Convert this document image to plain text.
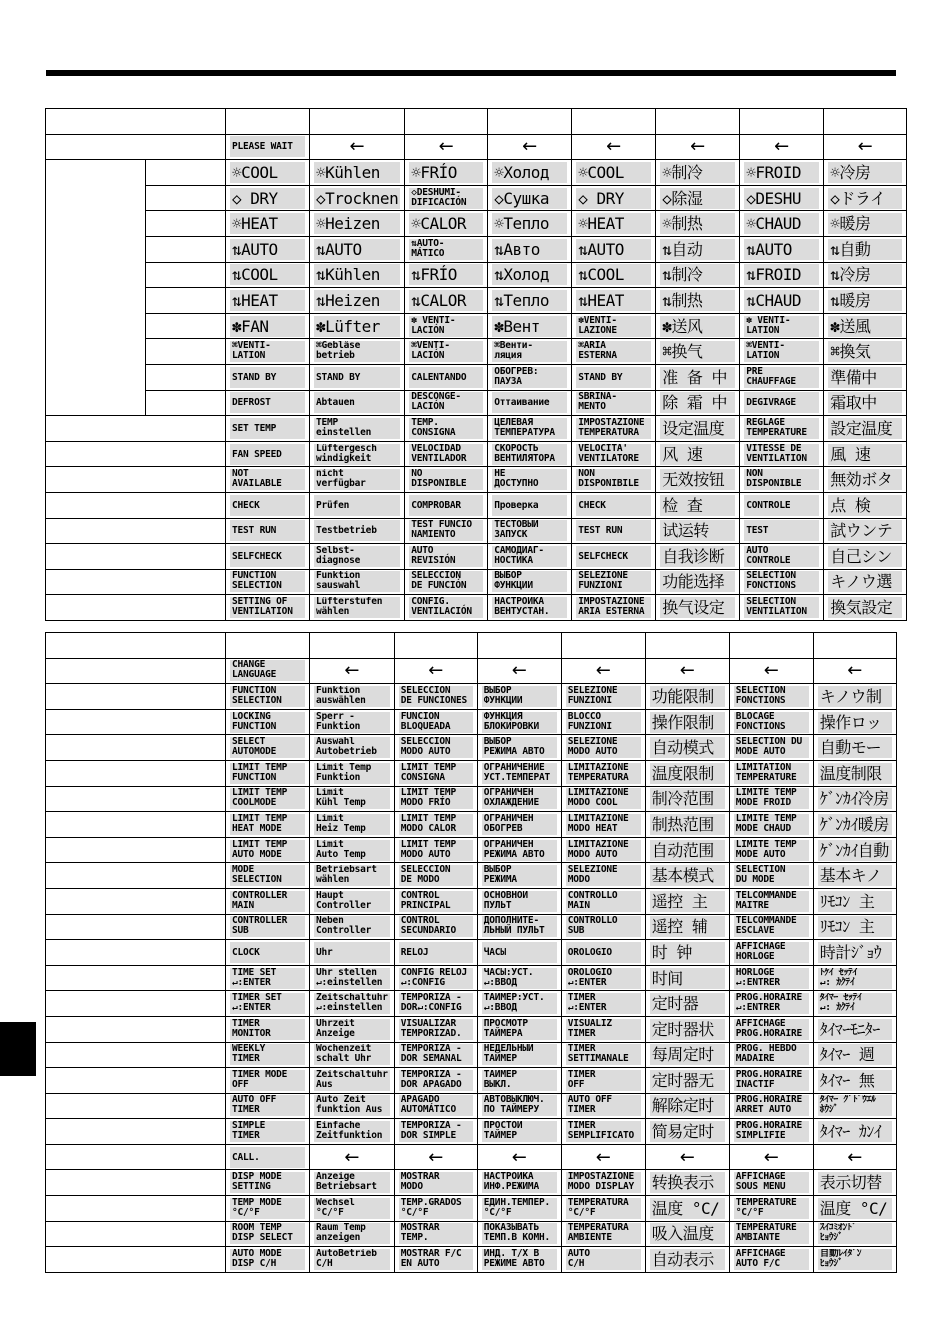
		PLEASE WAIT	←	←	←	←	←	←	←

		☼COOL	☼Kühlen	☼FRÍO	☼Холод	☼COOL	☼制冷	☼FROID	☼冷房

		◇ DRY	◇Trocknen	◇DESHUMI-
DIFICACIÓN	◇Сушка	◇ DRY	◇除湿	◇DESHU	◇ドライ

		☼HEAT	☼Heizen	☼CALOR	☼Тепло	☼HEAT	☼制热	☼CHAUD	☼暖房

		⇅AUTO	⇅AUTO	⇅AUTO-
MÁTICO	⇅Авто	⇅AUTO	⇅自动	⇅AUTO	⇅自動

		⇅COOL	⇅Kühlen	⇅FRÍO	⇅Холод	⇅COOL	⇅制冷	⇅FROID	⇅冷房

		⇅HEAT	⇅Heizen	⇅CALOR	⇅Тепло	⇅HEAT	⇅制热	⇅CHAUD	⇅暖房

		✽FAN	✽Lüfter	✽ VENTI-
LACIÓN	✽Вент	✽VENTI-
LAZIONE	✽送风	✽ VENTI-
LATION	✽送風

		⌘VENTI-
LATION	⌘Gebläse
betrieb	⌘VENTI-
LACIÓN	⌘Венти-
ляция	⌘ARIA
ESTERNA	⌘换气	⌘VENTI-
LATION	⌘換気

		STAND BY	STAND BY	CALENTANDO	ОБОГРЕВ:
ПАУЗА	STAND BY	准 备 中	PRE
CHAUFFAGE	準備中

		DEFROST	Abtauen	DESCONGE-
LACIÓN	Оттаивание	SBRINA-
MENTO	除 霜 中	DEGIVRAGE	霜取中

		SET TEMP	TEMP
einstellen	TEMP.
CONSIGNA	ЦЕЛЕВАЯ
ТЕМПЕРАТУРА	IMPOSTAZIONE
TEMPERATURA	设定温度	REGLAGE
TEMPERATURE	設定温度

		FAN SPEED	Lüftergesch
windigkeit	VELOCIDAD
VENTILADOR	СКОРОСТЬ
ВЕНТИЛЯТОРА	VELOCITA'
VENTILATORE	风 速	VITESSE DE
VENTILATION	風 速

		NOT
AVAILABLE	nicht
verfügbar	NO
DISPONIBLE	НЕ
ДОСТУПНО	NON
DISPONIBILE	无效按钮	NON
DISPONIBLE	無効ボタ

		CHECK	Prüfen	COMPROBAR	Проверка	CHECK	检 查	CONTROLE	点 検

		TEST RUN	Testbetrieb	TEST FUNCIO
NAMIENTO	ТЕСТОВЫЙ
ЗАПУСК	TEST RUN	试运转	TEST	試ウンテ

		SELFCHECK	Selbst-
diagnose	AUTO
REVISIÓN	САМОДИАГ-
НОСТИКА	SELFCHECK	自我诊断	AUTO
CONTROLE	自己シン

		FUNCTION
SELECTION	Funktion
sauswahl	SELECCIÓN
DE FUNCIÓN	ВЫБОР
ФУНКЦИИ	SELEZIONE
FUNZIONI	功能选择	SELECTION
FONCTIONS	キノウ選

		SETTING OF
VENTILATION	Lüfterstufen
wählen	CONFIG.
VENTILACIÓN	НАСТРОЙКА
ВЕНТУСТАН.	IMPOSTAZIONE
ARIA ESTERNA	换气设定	SELECTION
VENTILATION	換気設定

	CHANGE
LANGUAGE	←	←	←	←	←	←	←

	FUNCTION
SELECTION	Funktion
auswählen	SELECCIÓN
DE FUNCIONES	ВЫБОР
ФУНКЦИИ	SELEZIONE
FUNZIONI	功能限制	SELECTION
FONCTIONS	キノウ制

	LOCKING
FUNCTION	Sperr -
Funktion	FUNCIÓN
BLOQUEADA	ФУНКЦИЯ
БЛОКИРОВКИ	BLOCCO
FUNZIONI	操作限制	BLOCAGE
FONCTIONS	操作ロッ

	SELECT
AUTOMODE	Auswahl
Autobetrieb	SELECCIÓN
MODO AUTO	ВЫБОР
РЕЖИМА АВТО	SELEZIONE
MODO AUTO	自动模式	SELECTION DU
MODE AUTO	自動モー

	LIMIT TEMP
FUNCTION	Limit Temp
Funktion	LÍMIT TEMP
CONSIGNA	ОГРАНИЧЕНИЕ
УСТ.ТЕМПЕРАТ	LIMITAZIONE
TEMPERATURA	温度限制	LIMITATION
TEMPERATURE	温度制限

	LIMIT TEMP
COOLMODE	Limit
Kühl Temp	LÍMIT TEMP
MODO FRÍO	ОГРАНИЧЕН
ОХЛАЖДЕНИЕ	LIMITAZIONE
MODO COOL	制冷范围	LIMITE TEMP
MODE FROID	ｹﾞﾝｶｲ冷房

	LIMIT TEMP
HEAT MODE	Limit
Heiz Temp	LÍMIT TEMP
MODO CALOR	ОГРАНИЧЕН
ОБОГРЕВ	LIMITAZIONE
MODO HEAT	制热范围	LIMITE TEMP
MODE CHAUD	ｹﾞﾝｶｲ暖房

	LIMIT TEMP
AUTO MODE	Limit
Auto Temp	LÍMIT TEMP
MODO AUTO	ОГРАНИЧЕН
РЕЖИМА АВТО	LIMITAZIONE
MODO AUTO	自动范围	LIMITE TEMP
MODE AUTO	ｹﾞﾝｶｲ自動

	MODE
SELECTION	Betriebsart
wählen	SELECCIÓN
DE MODO	ВЫБОР
РЕЖИМА	SELEZIONE
MODO	基本模式	SELECTION
DU MODE	基本キノ

	CONTROLLER
MAIN	Haupt
Controller	CONTROL
PRINCIPAL	ОСНОВНОЙ
ПУЛЬТ	CONTROLLO
MAIN	遥控 主	TELCOMMANDE
MAITRE	ﾘﾓｺﾝ 主

	CONTROLLER
SUB	Neben
Controller	CONTROL
SECUNDARIO	ДОПОЛНИТЕ-
ЛЬНЫЙ ПУЛЬТ	CONTROLLO
SUB	遥控 辅	TELCOMMANDE
ESCLAVE	ﾘﾓｺﾝ 主

	CLOCK	Uhr	RELOJ	ЧАСЫ	OROLOGIO	时 钟	AFFICHAGE
HORLOGE	時計ｼﾞｮｳ

	TIME SET
↵:ENTER	Uhr stellen
↵:einstellen	CONFIG RELOJ
↵:CONFIG	ЧАСЫ:УСТ.
↵:ВВОД	OROLOGIO
↵:ENTER	时间	HORLOGE
↵:ENTRER	ﾄｹｲ ｾｯﾃｲ
↵: ｶｸﾃｲ

	TIMER SET
↵:ENTER	Zeitschaltuhr
↵:einstellen	TEMPORIZA -
DOR↵:CONFIG	ТАЙМЕР:УСТ.
↵:ВВОД	TIMER
↵:ENTER	定时器	PROG.HORAIRE
↵:ENTRER	ﾀｲﾏｰ ｾｯﾃｲ
↵: ｶｸﾃｲ

	TIMER
MONITOR	Uhrzeit
Anzeige	VISUALIZAR
TEMPORIZAD.	ПРОСМОТР
ТАЙМЕРА	VISUALIZ
TIMER	定时器状	AFFICHAGE
PROG.HORAIRE	ﾀｲﾏｰﾓﾆﾀｰ

	WEEKLY
TIMER	Wochenzeit
schalt Uhr	TEMPORIZA -
DOR SEMANAL	НЕДЕЛЬНЫЙ
ТАЙМЕР	TIMER
SETTIMANALE	每周定时	PROG. HEBDO
MADAIRE	ﾀｲﾏｰ 週

	TIMER MODE
OFF	Zeitschaltuhr
Aus	TEMPORIZA -
DOR APAGADO	ТАЙМЕР
ВЫКЛ.	TIMER
OFF	定时器无	PROG.HORAIRE
INACTIF	ﾀｲﾏｰ 無

	AUTO OFF
TIMER	Auto Zeit
funktion Aus	APAGADO
AUTOMÁTICO	АВТОВЫКЛЮЧ.
ПО ТАЙМЕРУ	AUTO OFF
TIMER	解除定时	PROG.HORAIRE
ARRET AUTO	ﾀｲﾏｰ ｸﾞﾄﾞｳｴﾙ
ﾎｳｼﾞ

	SIMPLE
TIMER	Einfache
Zeitfunktion	TEMPORIZA -
DOR SIMPLE	ПРОСТОЙ
ТАЙМЕР	TIMER
SEMPLIFICATO	简易定时	PROG.HORAIRE
SIMPLIFIE	ﾀｲﾏｰ ｶﾝｲ

	CALL.	←	←	←	←	←	←	←

	DISP MODE
SETTING	Anzeige
Betriebsart	MOSTRAR
MODO	НАСТРОЙКА
ИНФ.РЕЖИМА	IMPOSTAZIONE
MODO DISPLAY	转换表示	AFFICHAGE
SOUS MENU	表示切替

	TEMP MODE
°C/°F	Wechsel
°C/°F	TEMP.GRADOS
°C/°F	ЕДИН.ТЕМПЕР.
°C/°F	TEMPERATURA
°C/°F	温度 °C/	TEMPERATURE
°C/°F	温度 °C/

	ROOM TEMP
DISP SELECT	Raum Temp
anzeigen	MOSTRAR
TEMP.	ПОКАЗЫВАТЬ
ТЕМП.В КОМН.	TEMPERATURA
AMBIENTE	吸入温度	TEMPERATURE
AMBIANTE	ｽｲｺﾐｵﾝﾄﾞ
ﾋｮｳｼﾞ

	AUTO MODE
DISP C/H	AutoBetrieb
C/H	MOSTRAR F/C
EN AUTO	ИНД. Т/X В
РЕЖИМЕ АВТО	AUTO
C/H	自动表示	AFFICHAGE
AUTO F/C	自動ﾚｲﾀﾞﾝ
ﾋｮｳｼﾞ
